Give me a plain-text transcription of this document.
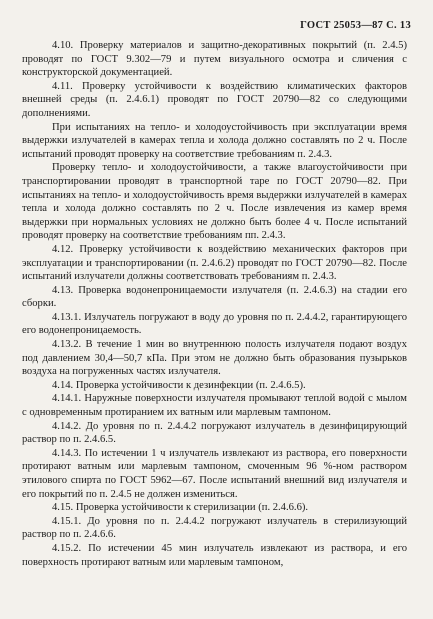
ГОСТ 25053—87 С. 13

4.10. Проверку материалов и защитно-декоративных покрытий (п. 2.4.5) проводят по ГОСТ 9.302—79 и путем визуального осмотра и сличения с конструкторской документацией.

4.11. Проверку устойчивости к воздействию климатических факторов внешней среды (п. 2.4.6.1) проводят по ГОСТ 20790—82 со следующими дополнениями.

При испытаниях на тепло- и холодоустойчивость при эксплуатации время выдержки излучателей в камерах тепла и холода должно составлять по 2 ч. После испытаний проводят проверку на соответствие требованиям п. 2.4.3.

Проверку тепло- и холодоустойчивости, а также влагоустойчивости при транспортировании проводят в транспортной таре по ГОСТ 20790—82. При испытаниях на тепло- и холодоустойчивость время выдержки излучателей в камерах тепла и холода должно составлять по 2 ч. После извлечения из камер время выдержки при нормальных условиях не должно быть более 4 ч. После испытаний проводят проверку на соответствие требованиям пп. 2.4.3.

4.12. Проверку устойчивости к воздействию механических факторов при эксплуатации и транспортировании (п. 2.4.6.2) проводят по ГОСТ 20790—82. После испытаний излучатели должны соответствовать требованиям п. 2.4.3.

4.13. Проверка водонепроницаемости излучателя (п. 2.4.6.3) на стадии его сборки.

4.13.1. Излучатель погружают в воду до уровня по п. 2.4.4.2, гарантирующего его водонепроницаемость.

4.13.2. В течение 1 мин во внутреннюю полость излучателя подают воздух под давлением 30,4—50,7 кПа. При этом не должно быть образования пузырьков воздуха на погруженных частях излучателя.

4.14. Проверка устойчивости к дезинфекции (п. 2.4.6.5).

4.14.1. Наружные поверхности излучателя промывают теплой водой с мылом с одновременным протиранием их ватным или марлевым тампоном.

4.14.2. До уровня по п. 2.4.4.2 погружают излучатель в дезинфицирующий раствор по п. 2.4.6.5.

4.14.3. По истечении 1 ч излучатель извлекают из раствора, его поверхности протирают ватным или марлевым тампоном, смоченным 96 %-ном раствором этилового спирта по ГОСТ 5962—67. После испытаний внешний вид излучателя и его покрытий по п. 2.4.5 не должен измениться.

4.15. Проверка устойчивости к стерилизации (п. 2.4.6.6).

4.15.1. До уровня по п. 2.4.4.2 погружают излучатель в стерилизующий раствор по п. 2.4.6.6.

4.15.2. По истечении 45 мин излучатель извлекают из раствора, и его поверхность протирают ватным или марлевым тампоном,
